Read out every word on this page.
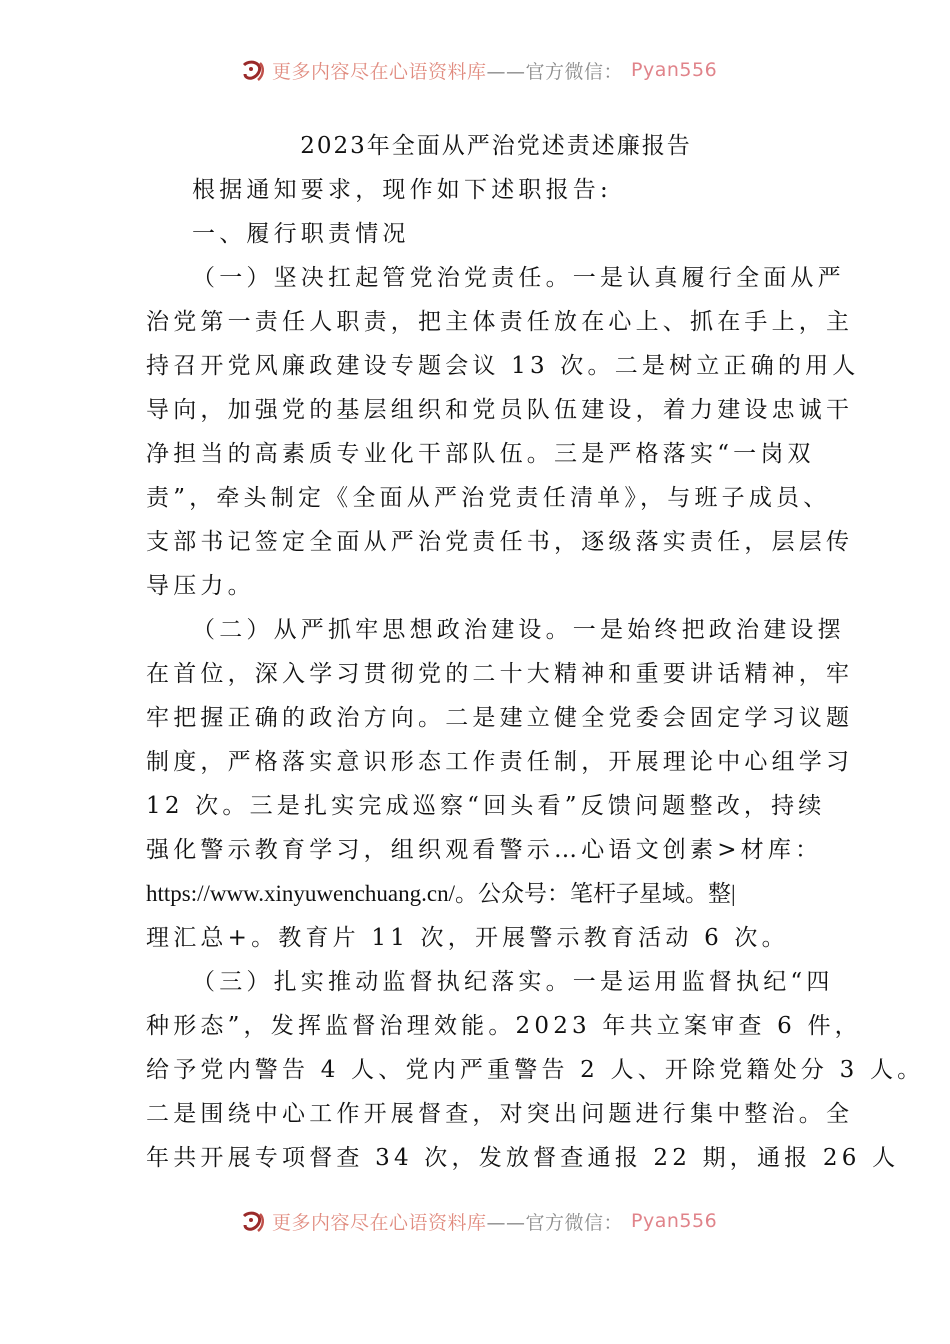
更多内容尽在心语资料库 ——官方微信： Pyan556
2023年全面从严治党述责述廉报告
根据通知要求，现作如下述职报告:
一、履行职责情况
（一）坚决扛起管党治党责任。一是认真履行全面从严
治党第一责任人职责，把主体责任放在心上、抓在手上，主
持召开党风廉政建设专题会议 13 次。二是树立正确的用人
导向，加强党的基层组织和党员队伍建设，着力建设忠诚干
净担当的高素质专业化干部队伍。三是严格落实“一岗双
责”，牵头制定《全面从严治党责任清单》，与班子成员、
支部书记签定全面从严治党责任书，逐级落实责任，层层传
导压力。
（二）从严抓牢思想政治建设。一是始终把政治建设摆
在首位，深入学习贯彻党的二十大精神和重要讲话精神，牢
牢把握正确的政治方向。二是建立健全党委会固定学习议题
制度，严格落实意识形态工作责任制，开展理论中心组学习
12 次。三是扎实完成巡察“回头看”反馈问题整改，持续
强化警示教育学习，组织观看警示…心语文创素>材库：
https://www.xinyuwenchuang.cn/。公众号：笔杆子星域。整|
理汇总+。教育片 11 次，开展警示教育活动 6 次。
（三）扎实推动监督执纪落实。一是运用监督执纪“四
种形态”，发挥监督治理效能。2023 年共立案审查 6 件，
给予党内警告 4 人、党内严重警告 2 人、开除党籍处分 3 人。
二是围绕中心工作开展督查，对突出问题进行集中整治。全
年共开展专项督查 34 次，发放督查通报 22 期，通报 26 人
更多内容尽在心语资料库 ——官方微信： Pyan556
